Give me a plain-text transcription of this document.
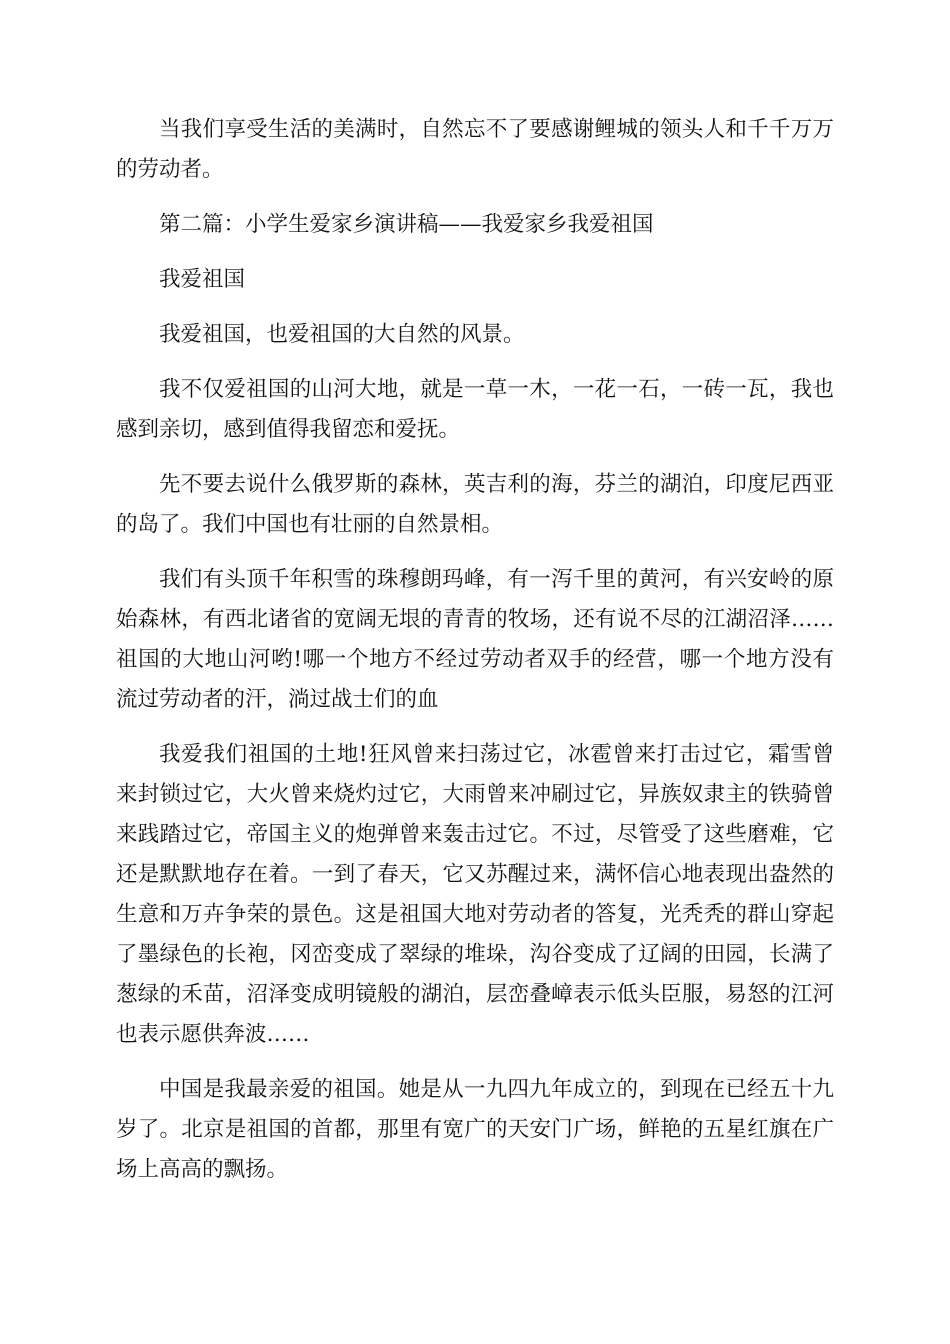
当我们享受生活的美满时，自然忘不了要感谢鲤城的领头人和千千万万的劳动者。

第二篇：小学生爱家乡演讲稿——我爱家乡我爱祖国

我爱祖国

我爱祖国，也爱祖国的大自然的风景。

我不仅爱祖国的山河大地，就是一草一木，一花一石，一砖一瓦，我也感到亲切，感到值得我留恋和爱抚。

先不要去说什么俄罗斯的森林，英吉利的海，芬兰的湖泊，印度尼西亚的岛了。我们中国也有壮丽的自然景相。

我们有头顶千年积雪的珠穆朗玛峰，有一泻千里的黄河，有兴安岭的原始森林，有西北诸省的宽阔无垠的青青的牧场，还有说不尽的江湖沼泽……祖国的大地山河哟!哪一个地方不经过劳动者双手的经营，哪一个地方没有流过劳动者的汗，淌过战士们的血

我爱我们祖国的土地!狂风曾来扫荡过它，冰雹曾来打击过它，霜雪曾来封锁过它，大火曾来烧灼过它，大雨曾来冲刷过它，异族奴隶主的铁骑曾来践踏过它，帝国主义的炮弹曾来轰击过它。不过，尽管受了这些磨难，它还是默默地存在着。一到了春天，它又苏醒过来，满怀信心地表现出盎然的生意和万卉争荣的景色。这是祖国大地对劳动者的答复，光秃秃的群山穿起了墨绿色的长袍，冈峦变成了翠绿的堆垛，沟谷变成了辽阔的田园，长满了葱绿的禾苗，沼泽变成明镜般的湖泊，层峦叠嶂表示低头臣服，易怒的江河也表示愿供奔波……

中国是我最亲爱的祖国。她是从一九四九年成立的，到现在已经五十九岁了。北京是祖国的首都，那里有宽广的天安门广场，鲜艳的五星红旗在广场上高高的飘扬。
